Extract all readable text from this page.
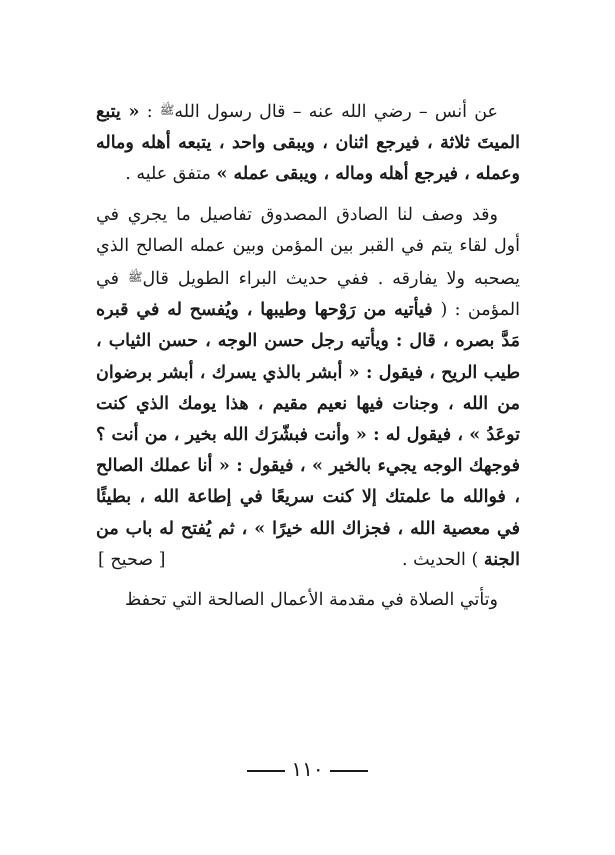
عن أنس – رضي الله عنه – قال رسول اللهﷺ : « يتبع الميتَ ثلاثة ، فيرجع اثنان ، ويبقى واحد ، يتبعه أهله وماله وعمله ، فيرجع أهله وماله ، ويبقى عمله » متفق عليه .

وقد وصف لنا الصادق المصدوق تفاصيل ما يجري في أول لقاء يتم في القبر بين المؤمن وبين عمله الصالح الذي يصحبه ولا يفارقه . ففي حديث البراء الطويل قالﷺ في المؤمن : ( فيأتيه من رَوْحها وطيبها ، ويُفسح له في قبره مَدَّ بصره ، قال : ويأتيه رجل حسن الوجه ، حسن الثياب ، طيب الريح ، فيقول : « أبشر بالذي يسرك ، أبشر برضوان من الله ، وجنات فيها نعيم مقيم ، هذا يومك الذي كنت توعَدُ » ، فيقول له : « وأنت فبشّرَك الله بخير ، من أنت ؟ فوجهك الوجه يجيء بالخير » ، فيقول : « أنا عملك الصالح ، فوالله ما علمتك إلا كنت سريعًا في إطاعة الله ، بطيئًا في معصية الله ، فجزاك الله خيرًا » ، ثم يُفتح له باب من الجنة ) الحديث .
[ صحيح ]

وتأتي الصلاة في مقدمة الأعمال الصالحة التي تحفظ

١١٠
